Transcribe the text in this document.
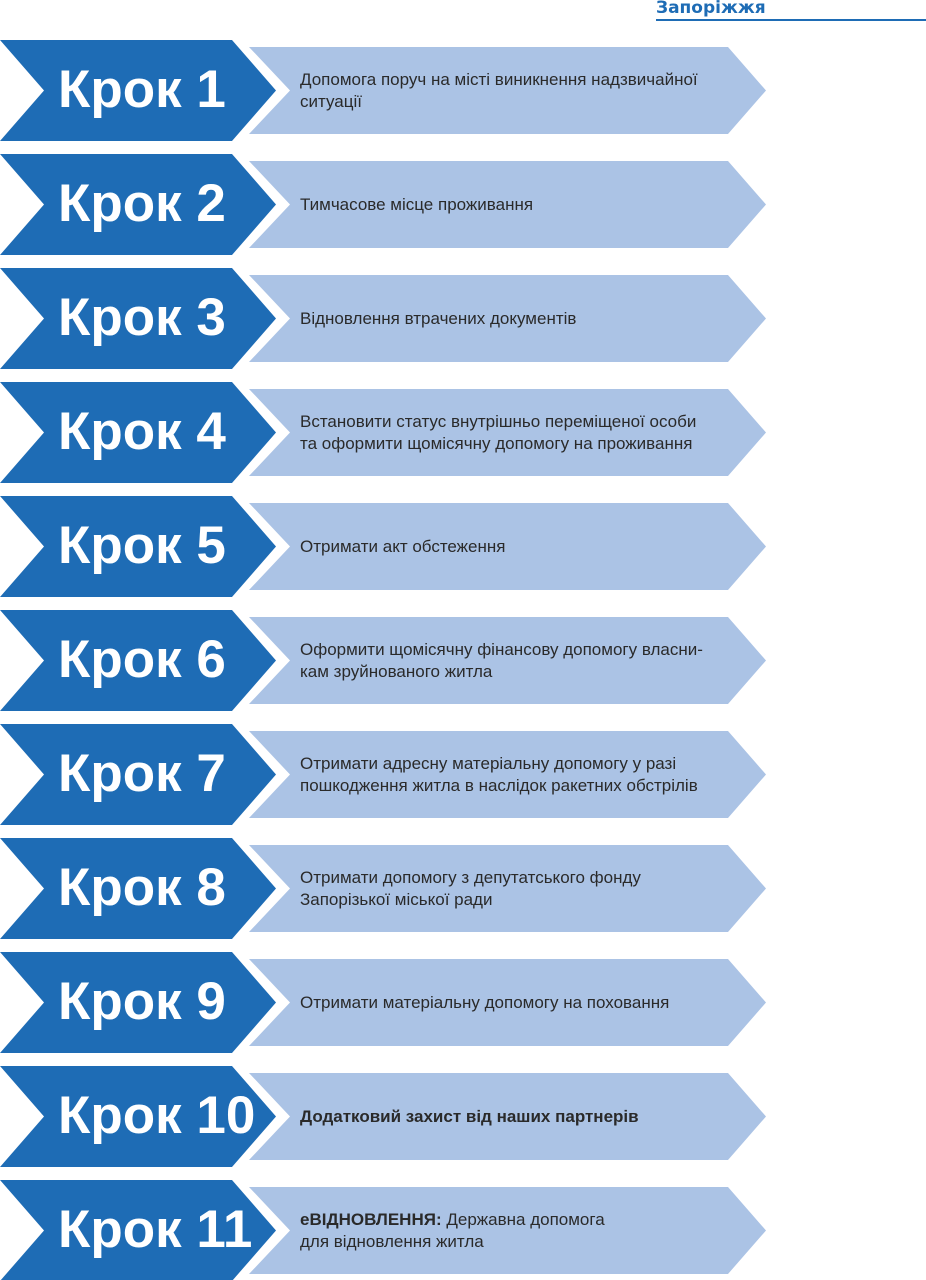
Запоріжжя
Крок 1	Допомога поруч на місті виникнення надзвичайної
ситуації
Крок 2	Тимчасове місце проживання
Крок 3	Відновлення втрачених документів
Крок 4	Встановити статус внутрішньо переміщеної особи
та оформити щомісячну допомогу на проживання
Крок 5	Отримати акт обстеження
Крок 6	Оформити щомісячну фінансову допомогу власни-
кам зруйнованого житла
Крок 7	Отримати адресну матеріальну допомогу у разі
пошкодження житла в наслідок ракетних обстрілів
Крок 8	Отримати допомогу з депутатського фонду
Запорізької міської ради
Крок 9	Отримати матеріальну допомогу на поховання
Крок 10	Додатковий захист від наших партнерів
Крок 11	еВІДНОВЛЕННЯ: Державна допомога
для відновлення житла
